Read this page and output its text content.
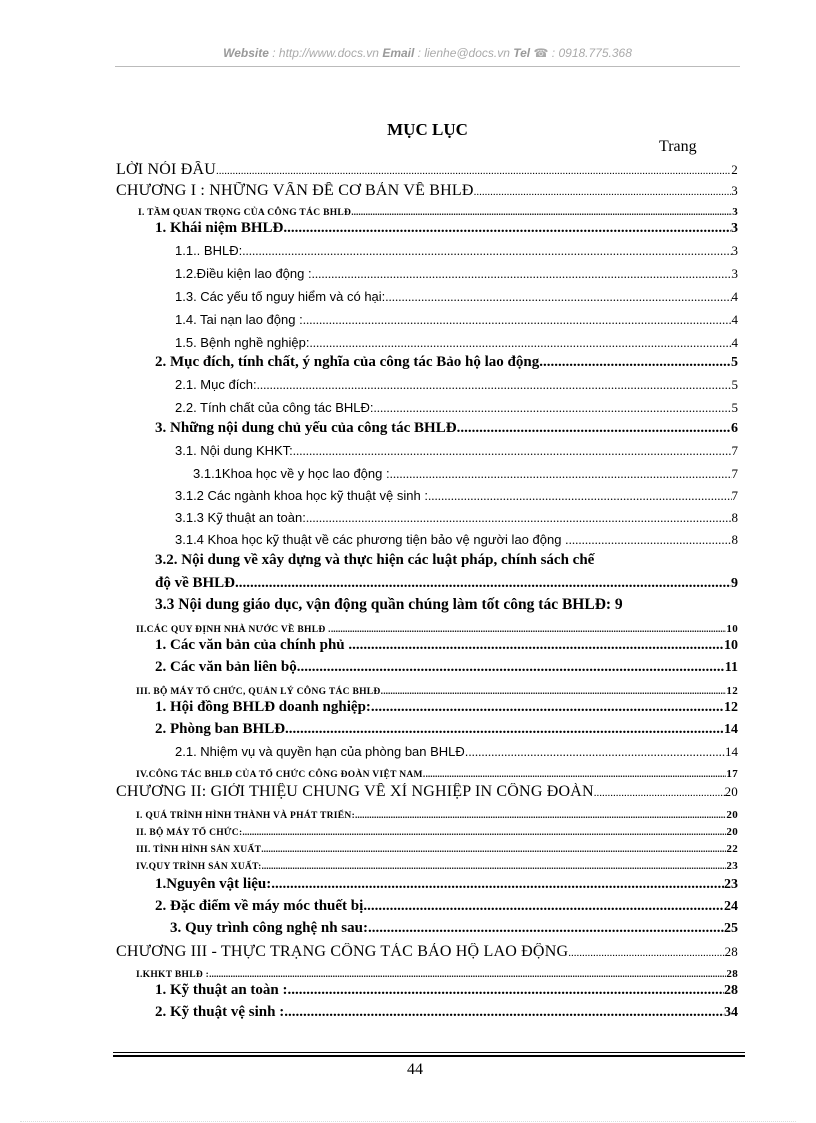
Website : http://www.docs.vn Email : lienhe@docs.vn Tel ☎ : 0918.775.368
MỤC LỤC
Trang
LỜI NÓI ĐẦU .....	2
CHƯƠNG I : NHỮNG VẤN ĐỀ CƠ BẢN VỀ BHLĐ .....	3
I. TẦM QUAN TRỌNG CỦA CÔNG TÁC BHLĐ .....	3
1. Khái niệm BHLĐ .....	3
1.1.. BHLĐ: .....	3
1.2.Điều kiện lao động : .....	3
1.3. Các yếu tố nguy hiểm và có hại: .....	4
1.4. Tai nạn lao động : .....	4
1.5. Bệnh nghề nghiệp: .....	4
2. Mục đích, tính chất, ý nghĩa của công tác Bảo hộ lao động .....	5
2.1. Mục đích: .....	5
2.2. Tính chất của công tác BHLĐ: .....	5
3. Những nội dung chủ yếu của công tác BHLĐ .....	6
3.1. Nội dung KHKT: .....	7
3.1.1Khoa học về y học lao động : .....	7
3.1.2 Các ngành khoa học kỹ thuật vệ sinh : .....	7
3.1.3 Kỹ thuật an toàn: .....	8
3.1.4 Khoa học kỹ thuật về các phương tiện bảo vệ người lao động . .....	8
3.2. Nội dung về xây dựng và thực hiện các luật pháp, chính sách chế
độ về BHLĐ. .....	9
3.3 Nội dung giáo dục, vận động quần chúng làm tốt công tác BHLĐ: 9
II.CÁC QUY ĐỊNH NHÀ NƯỚC VỀ BHLĐ . .....	10
1. Các văn bản của chính phủ . .....	10
2. Các văn bản liên bộ. .....	11
III. BỘ MÁY TỔ CHỨC, QUẢN LÝ CÔNG TÁC BHLĐ. .....	12
1. Hội đồng BHLĐ doanh nghiệp: .....	12
2. Phòng ban BHLĐ. .....	14
2.1. Nhiệm vụ và quyền hạn của phòng ban BHLĐ. .....	14
IV.CÔNG TÁC BHLĐ CỦA TỔ CHỨC CÔNG ĐOÀN VIỆT NAM. .....	17
CHƯƠNG II: GIỚI THIỆU CHUNG VỀ XÍ NGHIỆP IN CÔNG ĐOÀN .....	20
I. QUÁ TRÌNH HÌNH THÀNH VÀ PHÁT TRIỂN: .....	20
II. BỘ MÁY TỔ CHỨC: .....	20
III. TÌNH HÌNH SẢN XUẤT .....	22
IV.QUY TRÌNH SẢN XUẤT: .....	23
1.Nguyên vật liệu: .....	23
2. Đặc điểm về máy móc thuết bị .....	24
3. Quy trình công nghệ nh sau: .....	25
CHƯƠNG III - THỰC TRẠNG CÔNG TÁC BẢO HỘ LAO ĐỘNG .....	28
I.KHKT BHLĐ : .....	28
1. Kỹ thuật an toàn : .....	28
2. Kỹ thuật vệ sinh : .....	34
44
